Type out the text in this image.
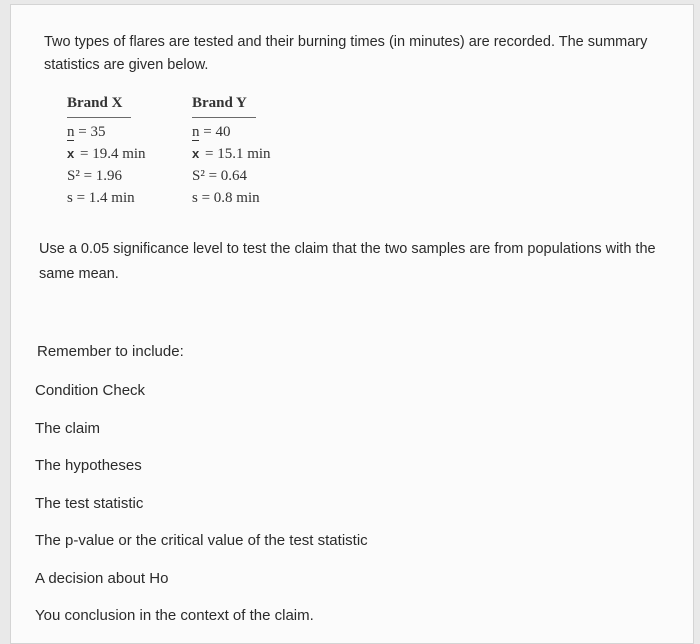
Two types of flares are tested and their burning times (in minutes) are recorded. The summary statistics are given below.
Brand X
n = 35
x = 19.4 min
S² = 1.96
s = 1.4 min
Brand Y
n = 40
x = 15.1 min
S² = 0.64
s = 0.8 min
Use a 0.05 significance level to test the claim that the two samples are from populations with the same mean.
Remember to include:
Condition Check
The claim
The hypotheses
The test statistic
The p-value or the critical value of the test statistic
A decision about Ho
You conclusion in the context of the claim.
